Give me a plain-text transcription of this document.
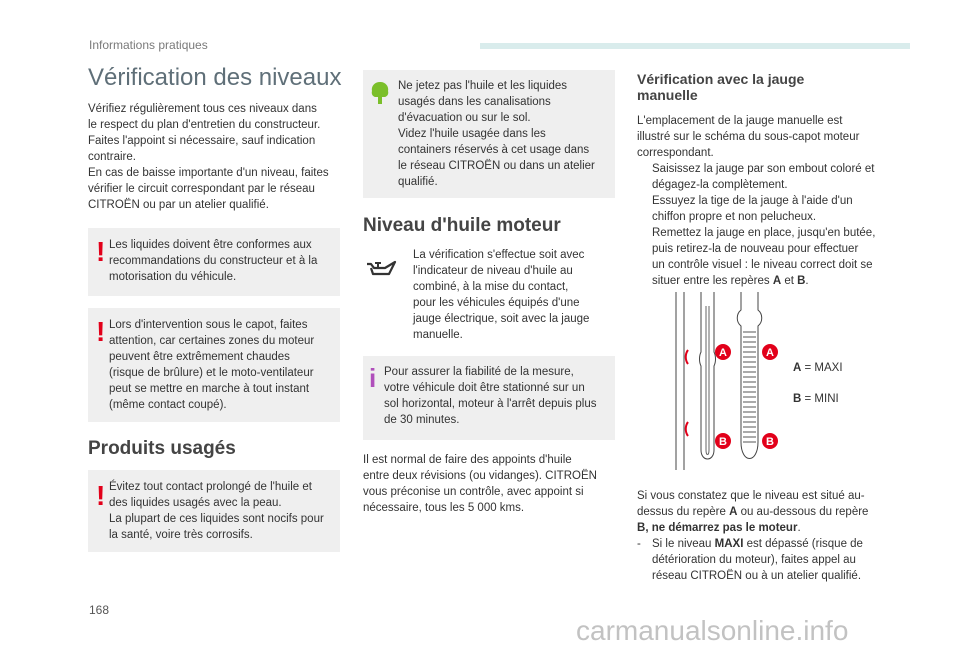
Informations pratiques
Vérification des niveaux
Vérifiez régulièrement tous ces niveaux dans
le respect du plan d'entretien du constructeur.
Faites l'appoint si nécessaire, sauf indication
contraire.
En cas de baisse importante d'un niveau, faites
vérifier le circuit correspondant par le réseau
CITROËN ou par un atelier qualifié.
! Les liquides doivent être conformes aux
recommandations du constructeur et à la
motorisation du véhicule.
! Lors d'intervention sous le capot, faites
attention, car certaines zones du moteur
peuvent être extrêmement chaudes
(risque de brûlure) et le moto-ventilateur
peut se mettre en marche à tout instant
(même contact coupé).
Produits usagés
! Évitez tout contact prolongé de l'huile et
des liquides usagés avec la peau.
La plupart de ces liquides sont nocifs pour
la santé, voire très corrosifs.
Ne jetez pas l'huile et les liquides
usagés dans les canalisations
d'évacuation ou sur le sol.
Videz l'huile usagée dans les
containers réservés à cet usage dans
le réseau CITROËN ou dans un atelier
qualifié.
Niveau d'huile moteur
La vérification s'effectue soit avec
l'indicateur de niveau d'huile au
combiné, à la mise du contact,
pour les véhicules équipés d'une
jauge électrique, soit avec la jauge
manuelle.
i Pour assurer la fiabilité de la mesure,
votre véhicule doit être stationné sur un
sol horizontal, moteur à l'arrêt depuis plus
de 30 minutes.
Il est normal de faire des appoints d'huile
entre deux révisions (ou vidanges). CITROËN
vous préconise un contrôle, avec appoint si
nécessaire, tous les 5 000 kms.
Vérification avec la jauge
manuelle
L'emplacement de la jauge manuelle est
illustré sur le schéma du sous-capot moteur
correspondant.
Saisissez la jauge par son embout coloré et
dégagez-la complètement.
Essuyez la tige de la jauge à l'aide d'un
chiffon propre et non pelucheux.
Remettez la jauge en place, jusqu'en butée,
puis retirez-la de nouveau pour effectuer
un contrôle visuel : le niveau correct doit se
situer entre les repères A et B.
A	A
B	B
A = MAXI
B = MINI
Si vous constatez que le niveau est situé au-
dessus du repère A ou au-dessous du repère
B, ne démarrez pas le moteur.
- Si le niveau MAXI est dépassé (risque de
détérioration du moteur), faites appel au
réseau CITROËN ou à un atelier qualifié.
168
carmanualsonline.info
